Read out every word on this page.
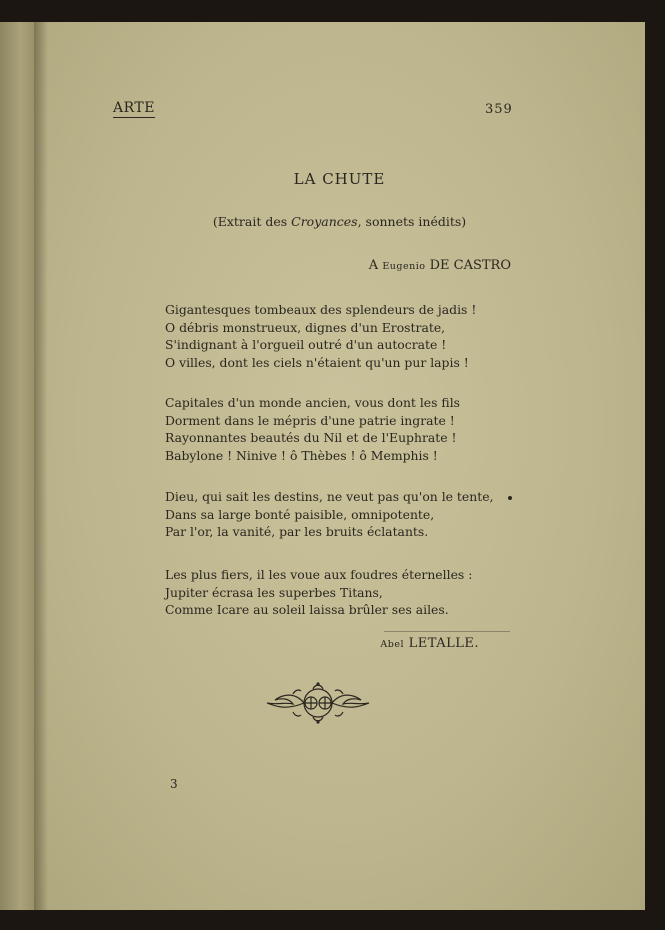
ARTE	359
LA CHUTE
(Extrait des Croyances, sonnets inédits)
A Eugenio DE CASTRO
Gigantesques tombeaux des splendeurs de jadis !
O débris monstrueux, dignes d'un Erostrate,
S'indignant à l'orgueil outré d'un autocrate !
O villes, dont les ciels n'étaient qu'un pur lapis !
Capitales d'un monde ancien, vous dont les fils
Dorment dans le mépris d'une patrie ingrate !
Rayonnantes beautés du Nil et de l'Euphrate !
Babylone ! Ninive ! ô Thèbes ! ô Memphis !
Dieu, qui sait les destins, ne veut pas qu'on le tente,
Dans sa large bonté paisible, omnipotente,
Par l'or, la vanité, par les bruits éclatants.
Les plus fiers, il les voue aux foudres éternelles :
Jupiter écrasa les superbes Titans,
Comme Icare au soleil laissa brûler ses ailes.
Abel LETALLE.
3
